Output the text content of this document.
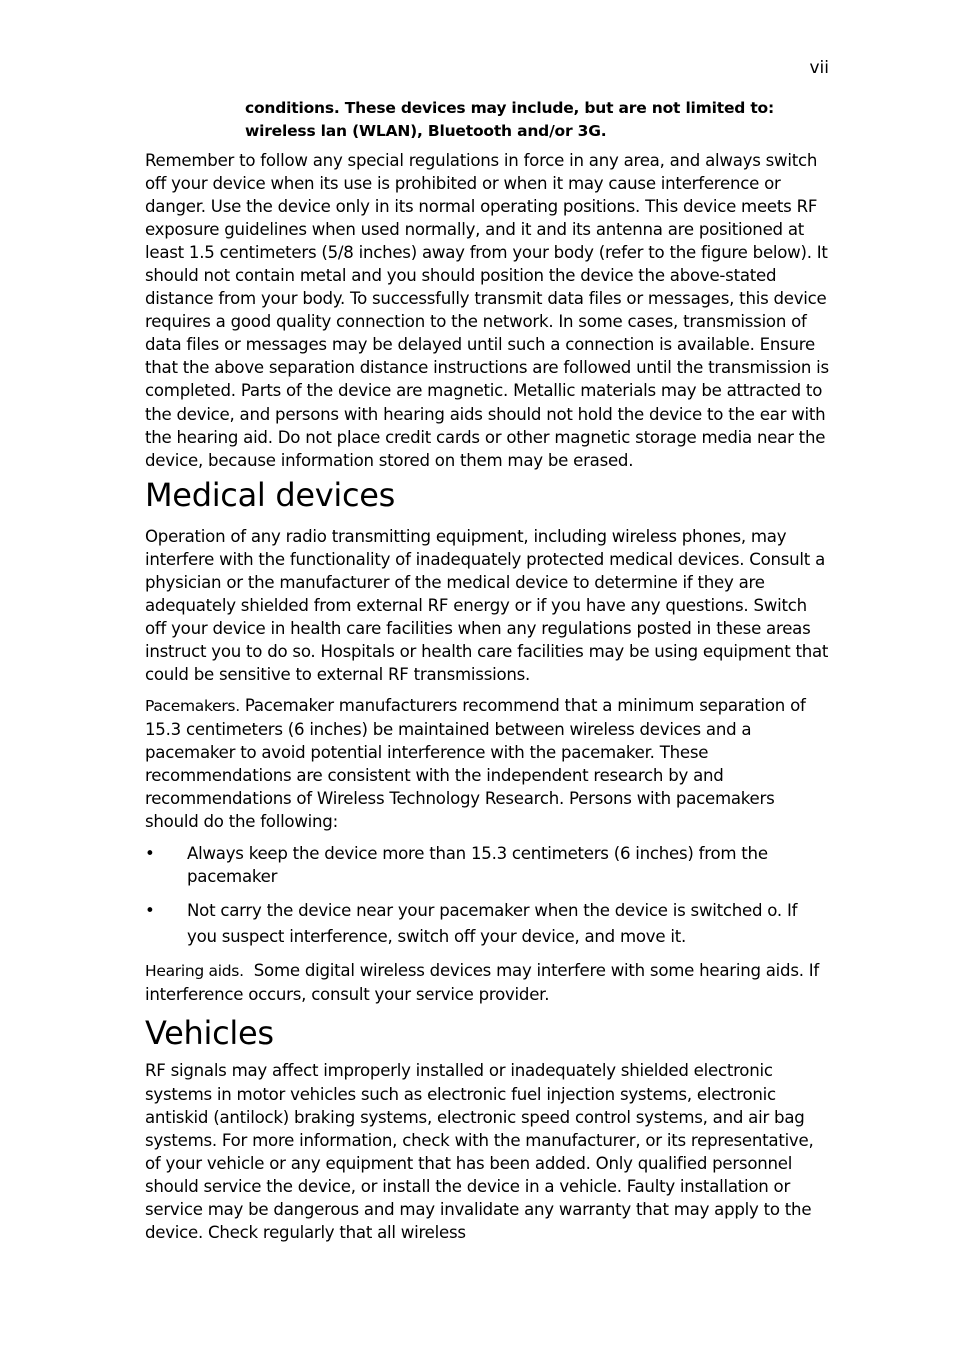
vii

conditions. These devices may include, but are not limited to: wireless lan (WLAN), Bluetooth and/or 3G.

Remember to follow any special regulations in force in any area, and always switch off your device when its use is prohibited or when it may cause interference or danger. Use the device only in its normal operating positions. This device meets RF exposure guidelines when used normally, and it and its antenna are positioned at least 1.5 centimeters (5/8 inches) away from your body (refer to the figure below). It should not contain metal and you should position the device the above-stated distance from your body. To successfully transmit data files or messages, this device requires a good quality connection to the network. In some cases, transmission of data files or messages may be delayed until such a connection is available. Ensure that the above separation distance instructions are followed until the transmission is completed. Parts of the device are magnetic. Metallic materials may be attracted to the device, and persons with hearing aids should not hold the device to the ear with the hearing aid. Do not place credit cards or other magnetic storage media near the device, because information stored on them may be erased.

Medical devices

Operation of any radio transmitting equipment, including wireless phones, may interfere with the functionality of inadequately protected medical devices. Consult a physician or the manufacturer of the medical device to determine if they are adequately shielded from external RF energy or if you have any questions. Switch off your device in health care facilities when any regulations posted in these areas instruct you to do so. Hospitals or health care facilities may be using equipment that could be sensitive to external RF transmissions.

Pacemakers. Pacemaker manufacturers recommend that a minimum separation of 15.3 centimeters (6 inches) be maintained between wireless devices and a pacemaker to avoid potential interference with the pacemaker. These recommendations are consistent with the independent research by and recommendations of Wireless Technology Research. Persons with pacemakers should do the following:

• Always keep the device more than 15.3 centimeters (6 inches) from the pacemaker
• Not carry the device near your pacemaker when the device is switched o. If you suspect interference, switch off your device, and move it.

Hearing aids.  Some digital wireless devices may interfere with some hearing aids. If interference occurs, consult your service provider.

Vehicles

RF signals may affect improperly installed or inadequately shielded electronic systems in motor vehicles such as electronic fuel injection systems, electronic antiskid (antilock) braking systems, electronic speed control systems, and air bag systems. For more information, check with the manufacturer, or its representative, of your vehicle or any equipment that has been added. Only qualified personnel should service the device, or install the device in a vehicle. Faulty installation or service may be dangerous and may invalidate any warranty that may apply to the device. Check regularly that all wireless
